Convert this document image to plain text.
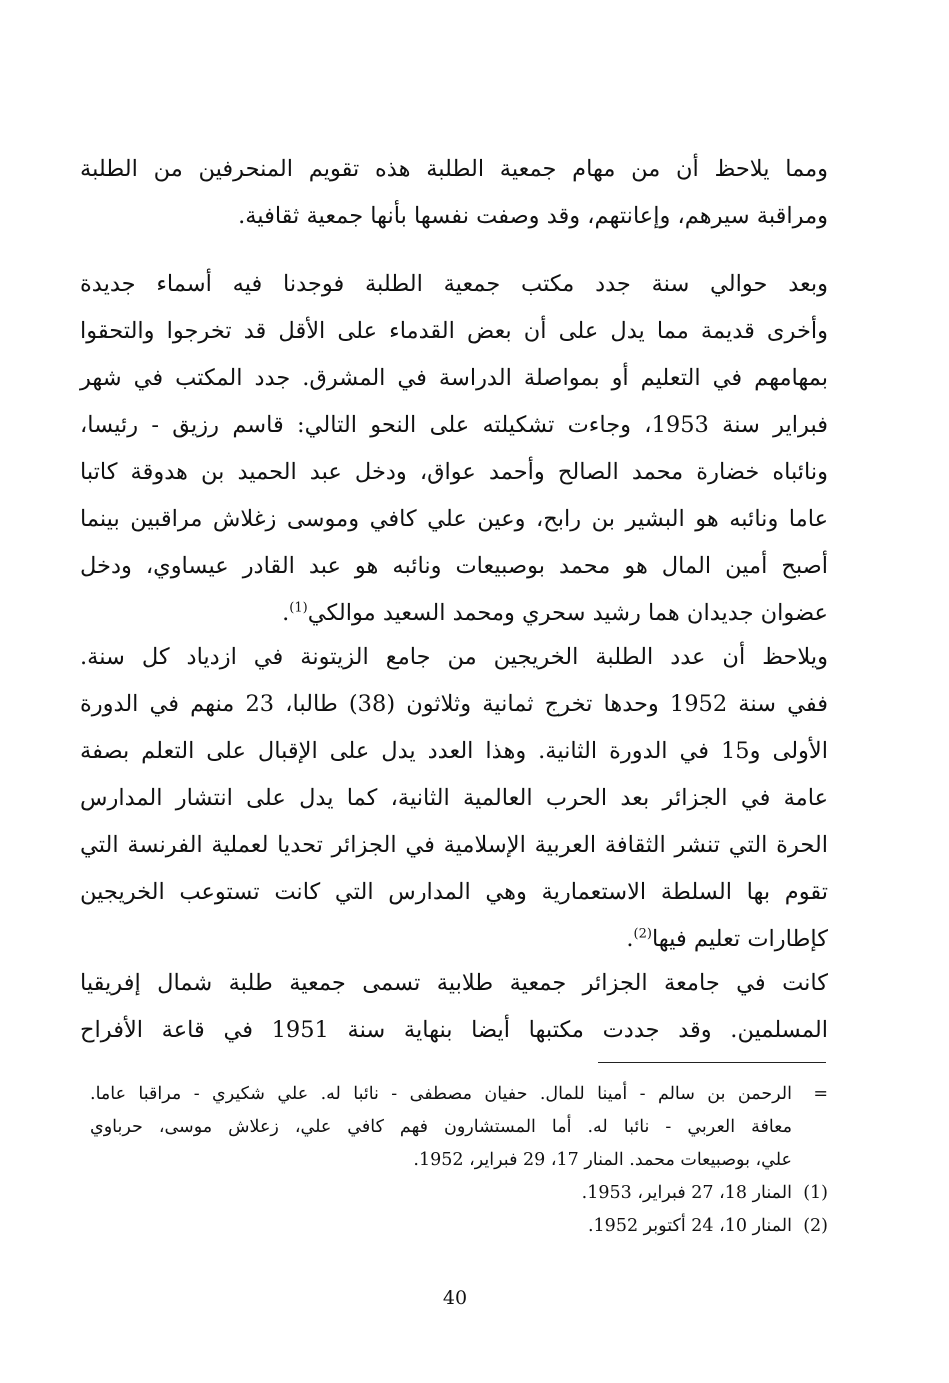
ومما يلاحظ أن من مهام جمعية الطلبة هذه تقويم المنحرفين من الطلبة

ومراقبة سيرهم، وإعانتهم، وقد وصفت نفسها بأنها جمعية ثقافية.

وبعد حوالي سنة جدد مكتب جمعية الطلبة فوجدنا فيه أسماء جديدة

وأخرى قديمة مما يدل على أن بعض القدماء على الأقل قد تخرجوا والتحقوا

بمهامهم في التعليم أو بمواصلة الدراسة في المشرق. جدد المكتب في شهر

فبراير سنة 1953، وجاءت تشكيلته على النحو التالي: قاسم رزيق - رئيسا،

ونائباه خضارة محمد الصالح وأحمد عواق، ودخل عبد الحميد بن هدوقة كاتبا

عاما ونائبه هو البشير بن رابح، وعين علي كافي وموسى زغلاش مراقبين بينما

أصبح أمين المال هو محمد بوصبيعات ونائبه هو عبد القادر عيساوي، ودخل

عضوان جديدان هما رشيد سحري ومحمد السعيد موالكي$^{(1)}$.

ويلاحظ أن عدد الطلبة الخريجين من جامع الزيتونة في ازدياد كل سنة.

ففي سنة 1952 وحدها تخرج ثمانية وثلاثون (38) طالبا، 23 منهم في الدورة

الأولى و15 في الدورة الثانية. وهذا العدد يدل على الإقبال على التعلم بصفة

عامة في الجزائر بعد الحرب العالمية الثانية، كما يدل على انتشار المدارس

الحرة التي تنشر الثقافة العربية الإسلامية في الجزائر تحديا لعملية الفرنسة التي

تقوم بها السلطة الاستعمارية وهي المدارس التي كانت تستوعب الخريجين

كإطارات تعليم فيها$^{(2)}$.

كانت في جامعة الجزائر جمعية طلابية تسمى جمعية طلبة شمال إفريقيا

المسلمين. وقد جددت مكتبها أيضا بنهاية سنة 1951 في قاعة الأفراح

=

الرحمن بن سالم - أمينا للمال. حفيان مصطفى - نائبا له. علي شكيري - مراقبا عاما.

معافة العربي - نائبا له. أما المستشارون فهم كافي علي، زعلاش موسى، حرباوي

علي، بوصبيعات محمد. المنار 17، 29 فبراير، 1952.

(1)

المنار 18، 27 فبراير، 1953.

(2)

المنار 10، 24 أكتوبر 1952.

40
